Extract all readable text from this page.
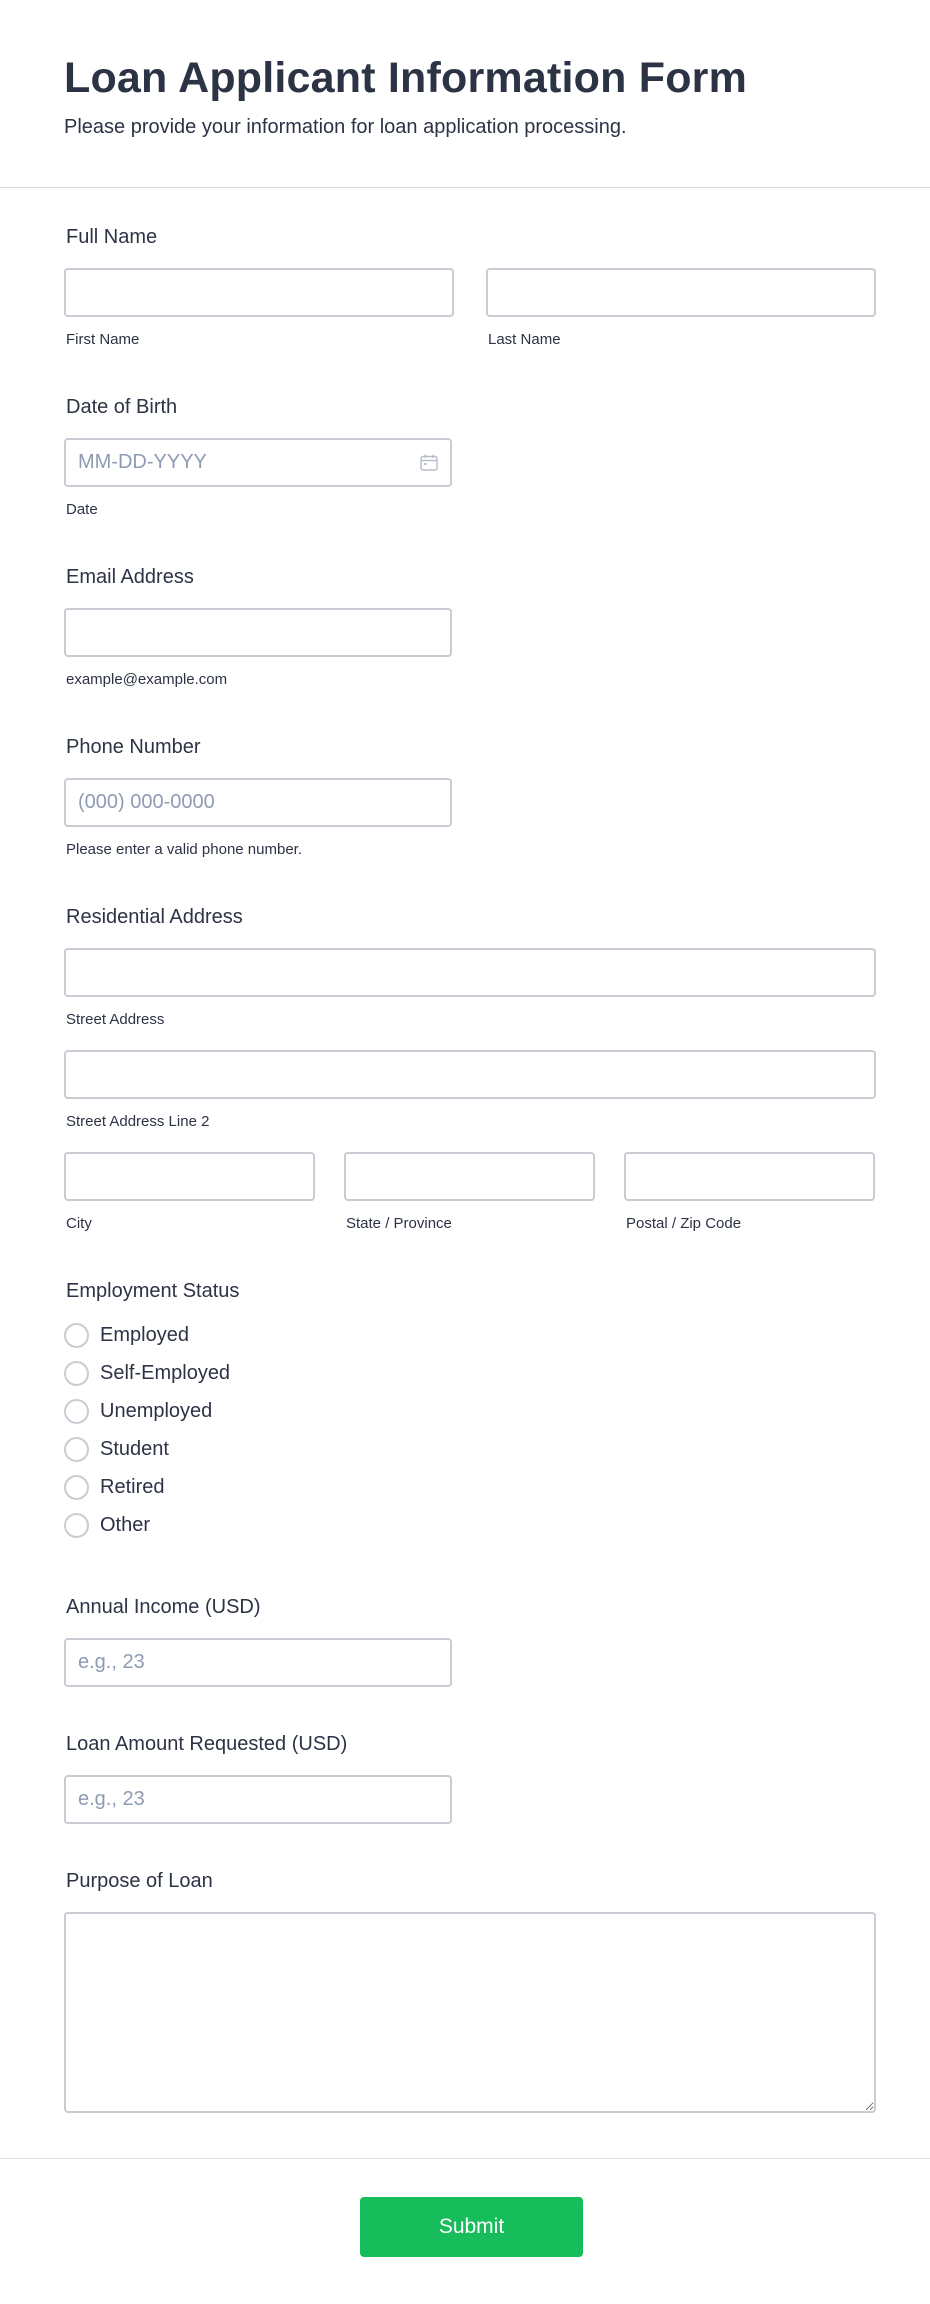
Loan Applicant Information Form

Please provide your information for loan application processing.

Full Name
First Name	Last Name
Date of Birth
MM-DD-YYYY
Date
Email Address
example@example.com
Phone Number
(000) 000-0000
Please enter a valid phone number.
Residential Address
Street Address
Street Address Line 2
City	State / Province	Postal / Zip Code
Employment Status
Employed
Self-Employed
Unemployed
Student
Retired
Other
Annual Income (USD)
e.g., 23
Loan Amount Requested (USD)
e.g., 23
Purpose of Loan
Submit
